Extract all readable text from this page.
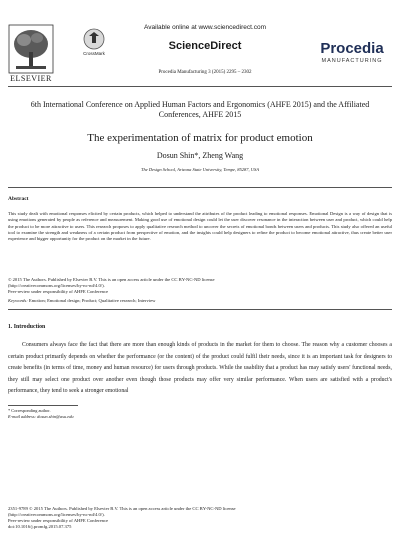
ELSEVIER
CrossMark
Available online at www.sciencedirect.com
ScienceDirect
Procedia Manufacturing 3 (2015) 2295 – 2302
Procedia
MANUFACTURING
6th International Conference on Applied Human Factors and Ergonomics (AHFE 2015) and the Affiliated Conferences, AHFE 2015
The experimentation of matrix for product emotion
Dosun Shin*, Zheng Wang
The Design School, Arizona State University, Tempe, 85287, USA
Abstract
This study dealt with emotional responses elicited by certain products, which helped to understand the attributes of the product leading to emotional responses. Emotional Design is a way of design that is using emotions generated by people as reference and measurement. Making good use of emotional design could let the user discover resonance in the interaction between user and product, which could help the product to be more attractive to users. This research proposes to apply qualitative research method to uncover the secrets of emotional bonds between users and products. This study also offered an useful tool to examine the strength and weakness of a certain product from perspective of emotion, and the insights could help designers to refine the product to become emotional attractive, thus create better user experience and bigger opportunity for the product on the market in the future.

© 2015 The Authors. Published by Elsevier B.V. This is an open access article under the CC BY-NC-ND license

(http://creativecommons.org/licenses/by-nc-nd/4.0/).

Peer-review under responsibility of AHFE Conference

Keywords: Emotion; Emotional design; Product; Qualitative research; Interview
1. Introduction
Consumers always face the fact that there are more than enough kinds of products in the market for them to choose. The reason why a customer chooses a certain product primarily depends on whether the performance (or the content) of the product could fulfil their needs, since it is an important task for designers to create benefits (in terms of time, money and human resource) for users through products. While the usability that a product has may satisfy users' functional needs, they still may select one product over another even though those products may offer very similar performance. When users are satisfied with a product's performance, they tend to seek a stronger emotional

* Corresponding author.

E-mail address: dosun.shin@asu.edu

2351-9789 © 2015 The Authors. Published by Elsevier B.V. This is an open access article under the CC BY-NC-ND license

(http://creativecommons.org/licenses/by-nc-nd/4.0/).

Peer-review under responsibility of AHFE Conference

doi:10.1016/j.promfg.2015.07.375
